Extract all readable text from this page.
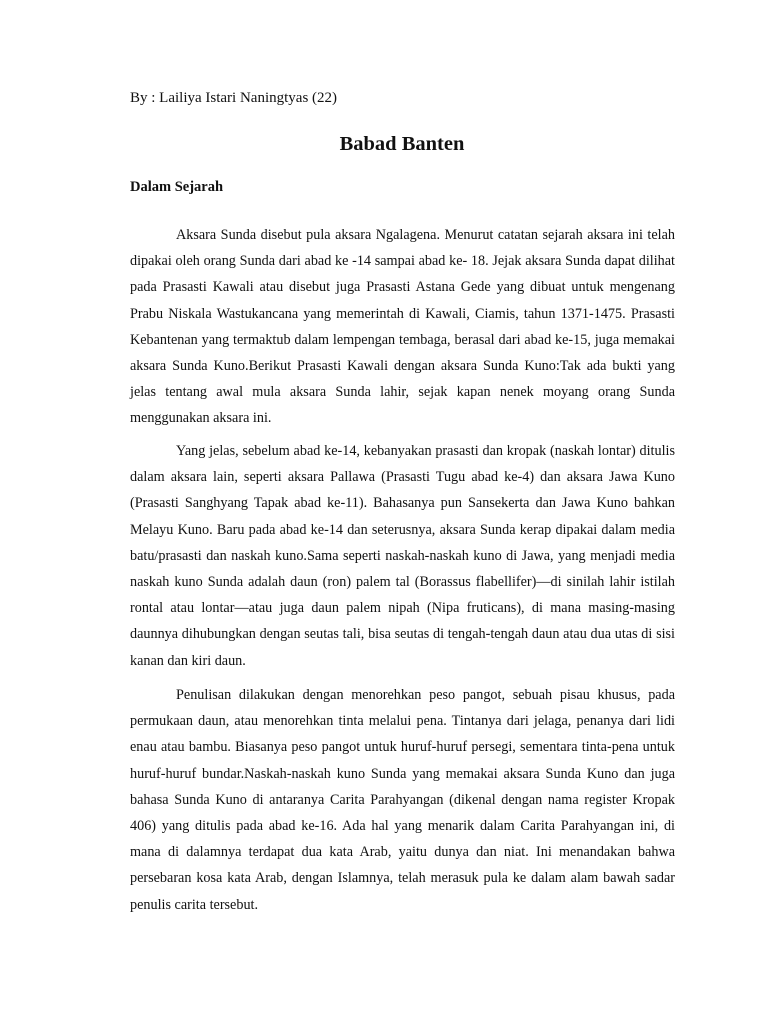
By : Lailiya Istari Naningtyas (22)
Babad Banten
Dalam Sejarah

Aksara Sunda disebut pula aksara Ngalagena. Menurut catatan sejarah aksara ini telah dipakai oleh orang Sunda dari abad ke -14 sampai abad ke- 18. Jejak aksara Sunda dapat dilihat pada Prasasti Kawali atau disebut juga Prasasti Astana Gede yang dibuat untuk mengenang Prabu Niskala Wastukancana yang memerintah di Kawali, Ciamis, tahun 1371-1475. Prasasti Kebantenan yang termaktub dalam lempengan tembaga, berasal dari abad ke-15, juga memakai aksara Sunda Kuno.Berikut Prasasti Kawali dengan aksara Sunda Kuno:Tak ada bukti yang jelas tentang awal mula aksara Sunda lahir, sejak kapan nenek moyang orang Sunda menggunakan aksara ini.

Yang jelas, sebelum abad ke-14, kebanyakan prasasti dan kropak (naskah lontar) ditulis dalam aksara lain, seperti aksara Pallawa (Prasasti Tugu abad ke-4) dan aksara Jawa Kuno (Prasasti Sanghyang Tapak abad ke-11). Bahasanya pun Sansekerta dan Jawa Kuno bahkan Melayu Kuno. Baru pada abad ke-14 dan seterusnya, aksara Sunda kerap dipakai dalam media batu/prasasti dan naskah kuno.Sama seperti naskah-naskah kuno di Jawa, yang menjadi media naskah kuno Sunda adalah daun (ron) palem tal (Borassus flabellifer)—di sinilah lahir istilah rontal atau lontar—atau juga daun palem nipah (Nipa fruticans), di mana masing-masing daunnya dihubungkan dengan seutas tali, bisa seutas di tengah-tengah daun atau dua utas di sisi kanan dan kiri daun.

Penulisan dilakukan dengan menorehkan peso pangot, sebuah pisau khusus, pada permukaan daun, atau menorehkan tinta melalui pena. Tintanya dari jelaga, penanya dari lidi enau atau bambu. Biasanya peso pangot untuk huruf-huruf persegi, sementara tinta-pena untuk huruf-huruf bundar.Naskah-naskah kuno Sunda yang memakai aksara Sunda Kuno dan juga bahasa Sunda Kuno di antaranya Carita Parahyangan (dikenal dengan nama register Kropak 406) yang ditulis pada abad ke-16. Ada hal yang menarik dalam Carita Parahyangan ini, di mana di dalamnya terdapat dua kata Arab, yaitu dunya dan niat. Ini menandakan bahwa persebaran kosa kata Arab, dengan Islamnya, telah merasuk pula ke dalam alam bawah sadar penulis carita tersebut.
